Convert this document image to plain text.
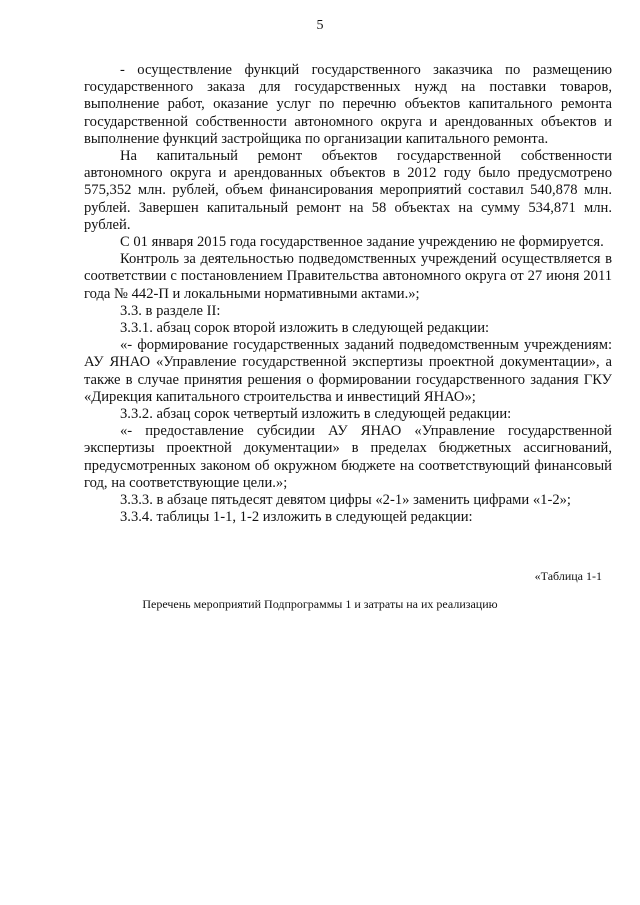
5

- осуществление функций государственного заказчика по размещению государственного заказа для государственных нужд на поставки товаров, выполнение работ, оказание услуг по перечню объектов капитального ремонта государственной собственности автономного округа и арендованных объектов и выполнение функций застройщика по организации капитального ремонта.

На капитальный ремонт объектов государственной собственности автономного округа и арендованных объектов в 2012 году было предусмотрено 575,352 млн. рублей, объем финансирования мероприятий составил 540,878 млн. рублей. Завершен капитальный ремонт на 58 объектах на сумму 534,871 млн. рублей.

С 01 января 2015 года государственное задание учреждению не формируется.

Контроль за деятельностью подведомственных учреждений осуществляется в соответствии с постановлением Правительства автономного округа от 27 июня 2011 года № 442-П и локальными нормативными актами.»;

3.3. в разделе II:

3.3.1. абзац сорок второй изложить в следующей редакции:

«- формирование государственных заданий подведомственным учреждениям: АУ ЯНАО «Управление государственной экспертизы проектной документации», а также в случае принятия решения о формировании государственного задания ГКУ «Дирекция капитального строительства и инвестиций ЯНАО»;

3.3.2. абзац сорок четвертый изложить в следующей редакции:

«- предоставление субсидии АУ ЯНАО «Управление государственной экспертизы проектной документации» в пределах бюджетных ассигнований, предусмотренных законом об окружном бюджете на соответствующий финансовый год, на соответствующие цели.»;

3.3.3. в абзаце пятьдесят девятом цифры «2-1» заменить цифрами «1-2»;

3.3.4. таблицы 1-1, 1-2 изложить в следующей редакции:

«Таблица 1-1
Перечень мероприятий Подпрограммы 1 и затраты на их реализацию
